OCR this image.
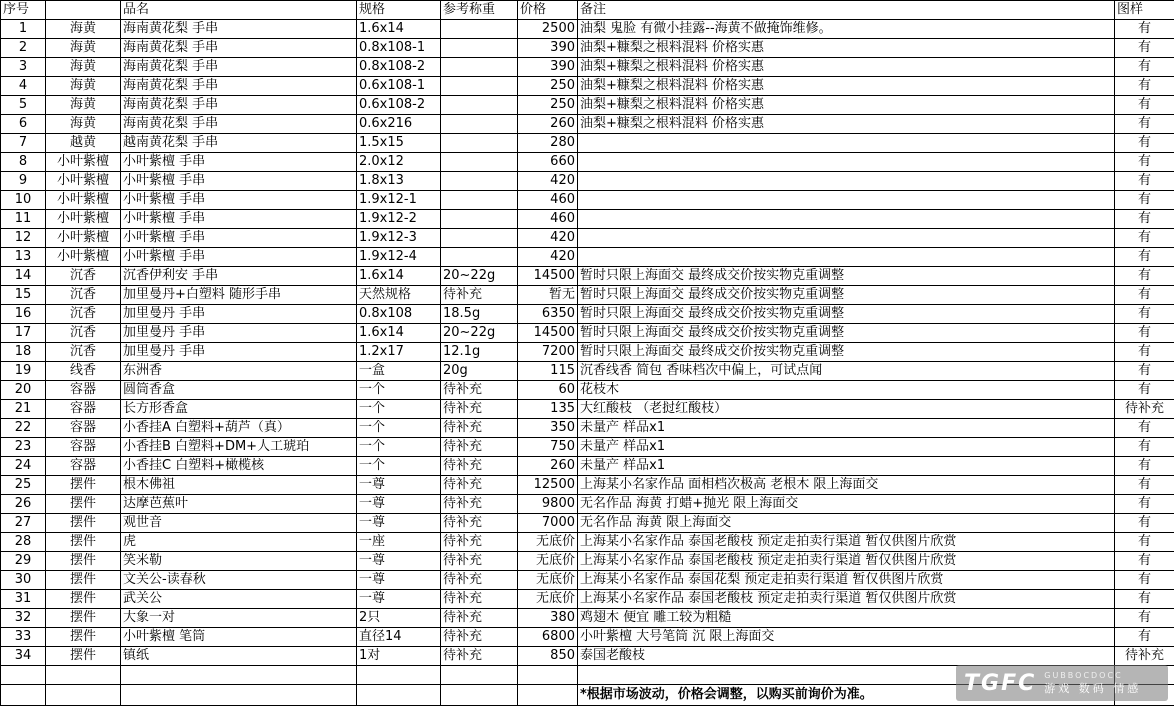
序号		品名	规格	参考称重	价格	备注	图样
1	海黄	海南黄花梨 手串	1.6x14		2500	油梨 鬼脸 有微小挂露--海黄不做掩饰维修。	有
2	海黄	海南黄花梨 手串	0.8x108-1		390	油梨+糠梨之根料混料 价格实惠	有
3	海黄	海南黄花梨 手串	0.8x108-2		390	油梨+糠梨之根料混料 价格实惠	有
4	海黄	海南黄花梨 手串	0.6x108-1		250	油梨+糠梨之根料混料 价格实惠	有
5	海黄	海南黄花梨 手串	0.6x108-2		250	油梨+糠梨之根料混料 价格实惠	有
6	海黄	海南黄花梨 手串	0.6x216		260	油梨+糠梨之根料混料 价格实惠	有
7	越黄	越南黄花梨 手串	1.5x15		280		有
8	小叶紫檀	小叶紫檀 手串	2.0x12		660		有
9	小叶紫檀	小叶紫檀 手串	1.8x13		420		有
10	小叶紫檀	小叶紫檀 手串	1.9x12-1		460		有
11	小叶紫檀	小叶紫檀 手串	1.9x12-2		460		有
12	小叶紫檀	小叶紫檀 手串	1.9x12-3		420		有
13	小叶紫檀	小叶紫檀 手串	1.9x12-4		420		有
14	沉香	沉香伊利安 手串	1.6x14	20~22g	14500	暂时只限上海面交 最终成交价按实物克重调整	有
15	沉香	加里曼丹+白塑料 随形手串	天然规格	待补充	暂无	暂时只限上海面交 最终成交价按实物克重调整	有
16	沉香	加里曼丹 手串	0.8x108	18.5g	6350	暂时只限上海面交 最终成交价按实物克重调整	有
17	沉香	加里曼丹 手串	1.6x14	20~22g	14500	暂时只限上海面交 最终成交价按实物克重调整	有
18	沉香	加里曼丹 手串	1.2x17	12.1g	7200	暂时只限上海面交 最终成交价按实物克重调整	有
19	线香	东洲香	一盒	20g	115	沉香线香 简包 香味档次中偏上，可试点闻	有
20	容器	圆筒香盒	一个	待补充	60	花枝木	有
21	容器	长方形香盒	一个	待补充	135	大红酸枝 （老挝红酸枝）	待补充
22	容器	小香挂A 白塑料+葫芦（真）	一个	待补充	350	未量产 样品x1	有
23	容器	小香挂B 白塑料+DM+人工琥珀	一个	待补充	750	未量产 样品x1	有
24	容器	小香挂C 白塑料+橄榄核	一个	待补充	260	未量产 样品x1	有
25	摆件	根木佛祖	一尊	待补充	12500	上海某小名家作品 面相档次极高 老根木 限上海面交	有
26	摆件	达摩芭蕉叶	一尊	待补充	9800	无名作品 海黄 打蜡+抛光 限上海面交	有
27	摆件	观世音	一尊	待补充	7000	无名作品 海黄 限上海面交	有
28	摆件	虎	一座	待补充	无底价	上海某小名家作品 泰国老酸枝 预定走拍卖行渠道 暂仅供图片欣赏	有
29	摆件	笑米勒	一尊	待补充	无底价	上海某小名家作品 泰国老酸枝 预定走拍卖行渠道 暂仅供图片欣赏	有
30	摆件	文关公-读春秋	一尊	待补充	无底价	上海某小名家作品 泰国花梨 预定走拍卖行渠道 暂仅供图片欣赏	有
31	摆件	武关公	一尊	待补充	无底价	上海某小名家作品 泰国老酸枝 预定走拍卖行渠道 暂仅供图片欣赏	有
32	摆件	大象一对	2只	待补充	380	鸡翅木 便宜 雕工较为粗糙	有
33	摆件	小叶紫檀 笔筒	直径14	待补充	6800	小叶紫檀 大号笔筒 沉 限上海面交	有
34	摆件	镇纸	1对	待补充	850	泰国老酸枝	待补充

						*根据市场波动，价格会调整，以购买前询价为准。		TGFC GUBBOCDOCC
游戏 数码 情感
